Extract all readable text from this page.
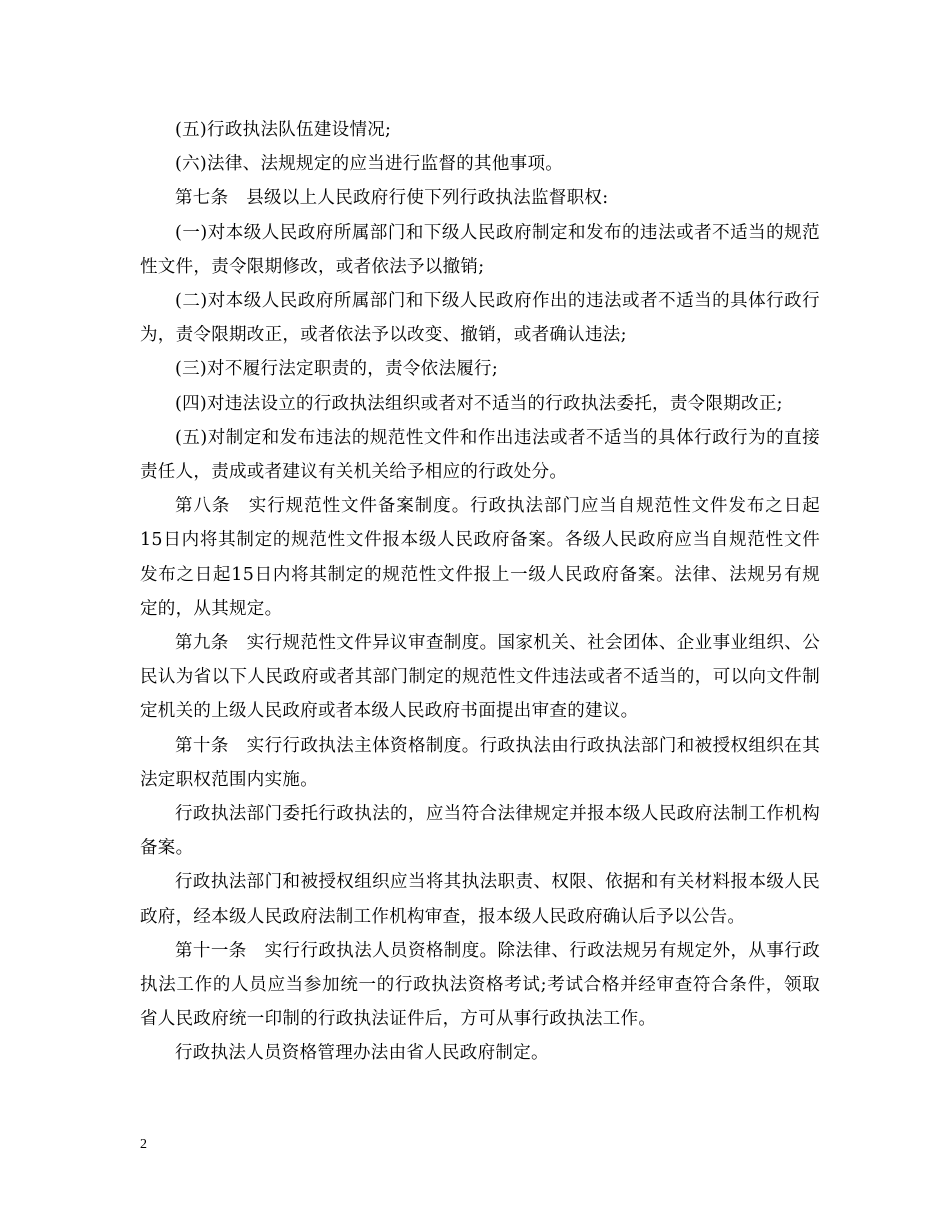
(五)行政执法队伍建设情况;

(六)法律、法规规定的应当进行监督的其他事项。

第七条　县级以上人民政府行使下列行政执法监督职权:

(一)对本级人民政府所属部门和下级人民政府制定和发布的违法或者不适当的规范性文件，责令限期修改，或者依法予以撤销;

(二)对本级人民政府所属部门和下级人民政府作出的违法或者不适当的具体行政行为，责令限期改正，或者依法予以改变、撤销，或者确认违法;

(三)对不履行法定职责的，责令依法履行;

(四)对违法设立的行政执法组织或者对不适当的行政执法委托，责令限期改正;

(五)对制定和发布违法的规范性文件和作出违法或者不适当的具体行政行为的直接责任人，责成或者建议有关机关给予相应的行政处分。

第八条　实行规范性文件备案制度。行政执法部门应当自规范性文件发布之日起15日内将其制定的规范性文件报本级人民政府备案。各级人民政府应当自规范性文件发布之日起15日内将其制定的规范性文件报上一级人民政府备案。法律、法规另有规定的，从其规定。

第九条　实行规范性文件异议审查制度。国家机关、社会团体、企业事业组织、公民认为省以下人民政府或者其部门制定的规范性文件违法或者不适当的，可以向文件制定机关的上级人民政府或者本级人民政府书面提出审查的建议。

第十条　实行行政执法主体资格制度。行政执法由行政执法部门和被授权组织在其法定职权范围内实施。

行政执法部门委托行政执法的，应当符合法律规定并报本级人民政府法制工作机构备案。

行政执法部门和被授权组织应当将其执法职责、权限、依据和有关材料报本级人民政府，经本级人民政府法制工作机构审查，报本级人民政府确认后予以公告。

第十一条　实行行政执法人员资格制度。除法律、行政法规另有规定外，从事行政执法工作的人员应当参加统一的行政执法资格考试;考试合格并经审查符合条件，领取省人民政府统一印制的行政执法证件后，方可从事行政执法工作。

行政执法人员资格管理办法由省人民政府制定。

2
